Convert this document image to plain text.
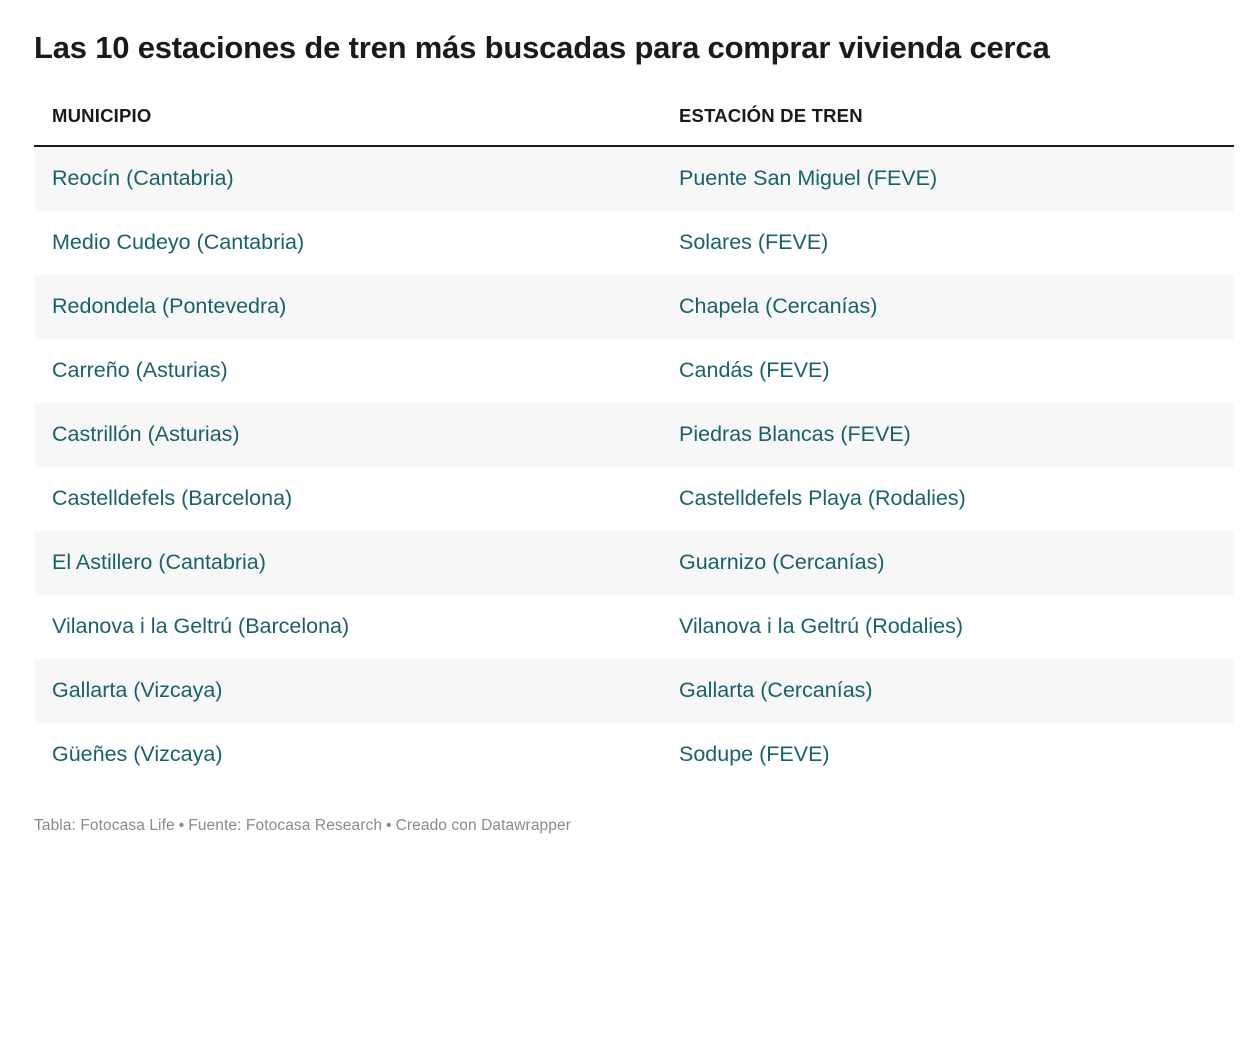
Las 10 estaciones de tren más buscadas para comprar vivienda cerca
MUNICIPIO	ESTACIÓN DE TREN
Reocín (Cantabria)	Puente San Miguel (FEVE)
Medio Cudeyo (Cantabria)	Solares (FEVE)
Redondela (Pontevedra)	Chapela (Cercanías)
Carreño (Asturias)	Candás (FEVE)
Castrillón (Asturias)	Piedras Blancas (FEVE)
Castelldefels (Barcelona)	Castelldefels Playa (Rodalies)
El Astillero (Cantabria)	Guarnizo (Cercanías)
Vilanova i la Geltrú (Barcelona)	Vilanova i la Geltrú (Rodalies)
Gallarta (Vizcaya)	Gallarta (Cercanías)
Güeñes (Vizcaya)	Sodupe (FEVE)
Tabla: Fotocasa Life • Fuente: Fotocasa Research • Creado con Datawrapper
